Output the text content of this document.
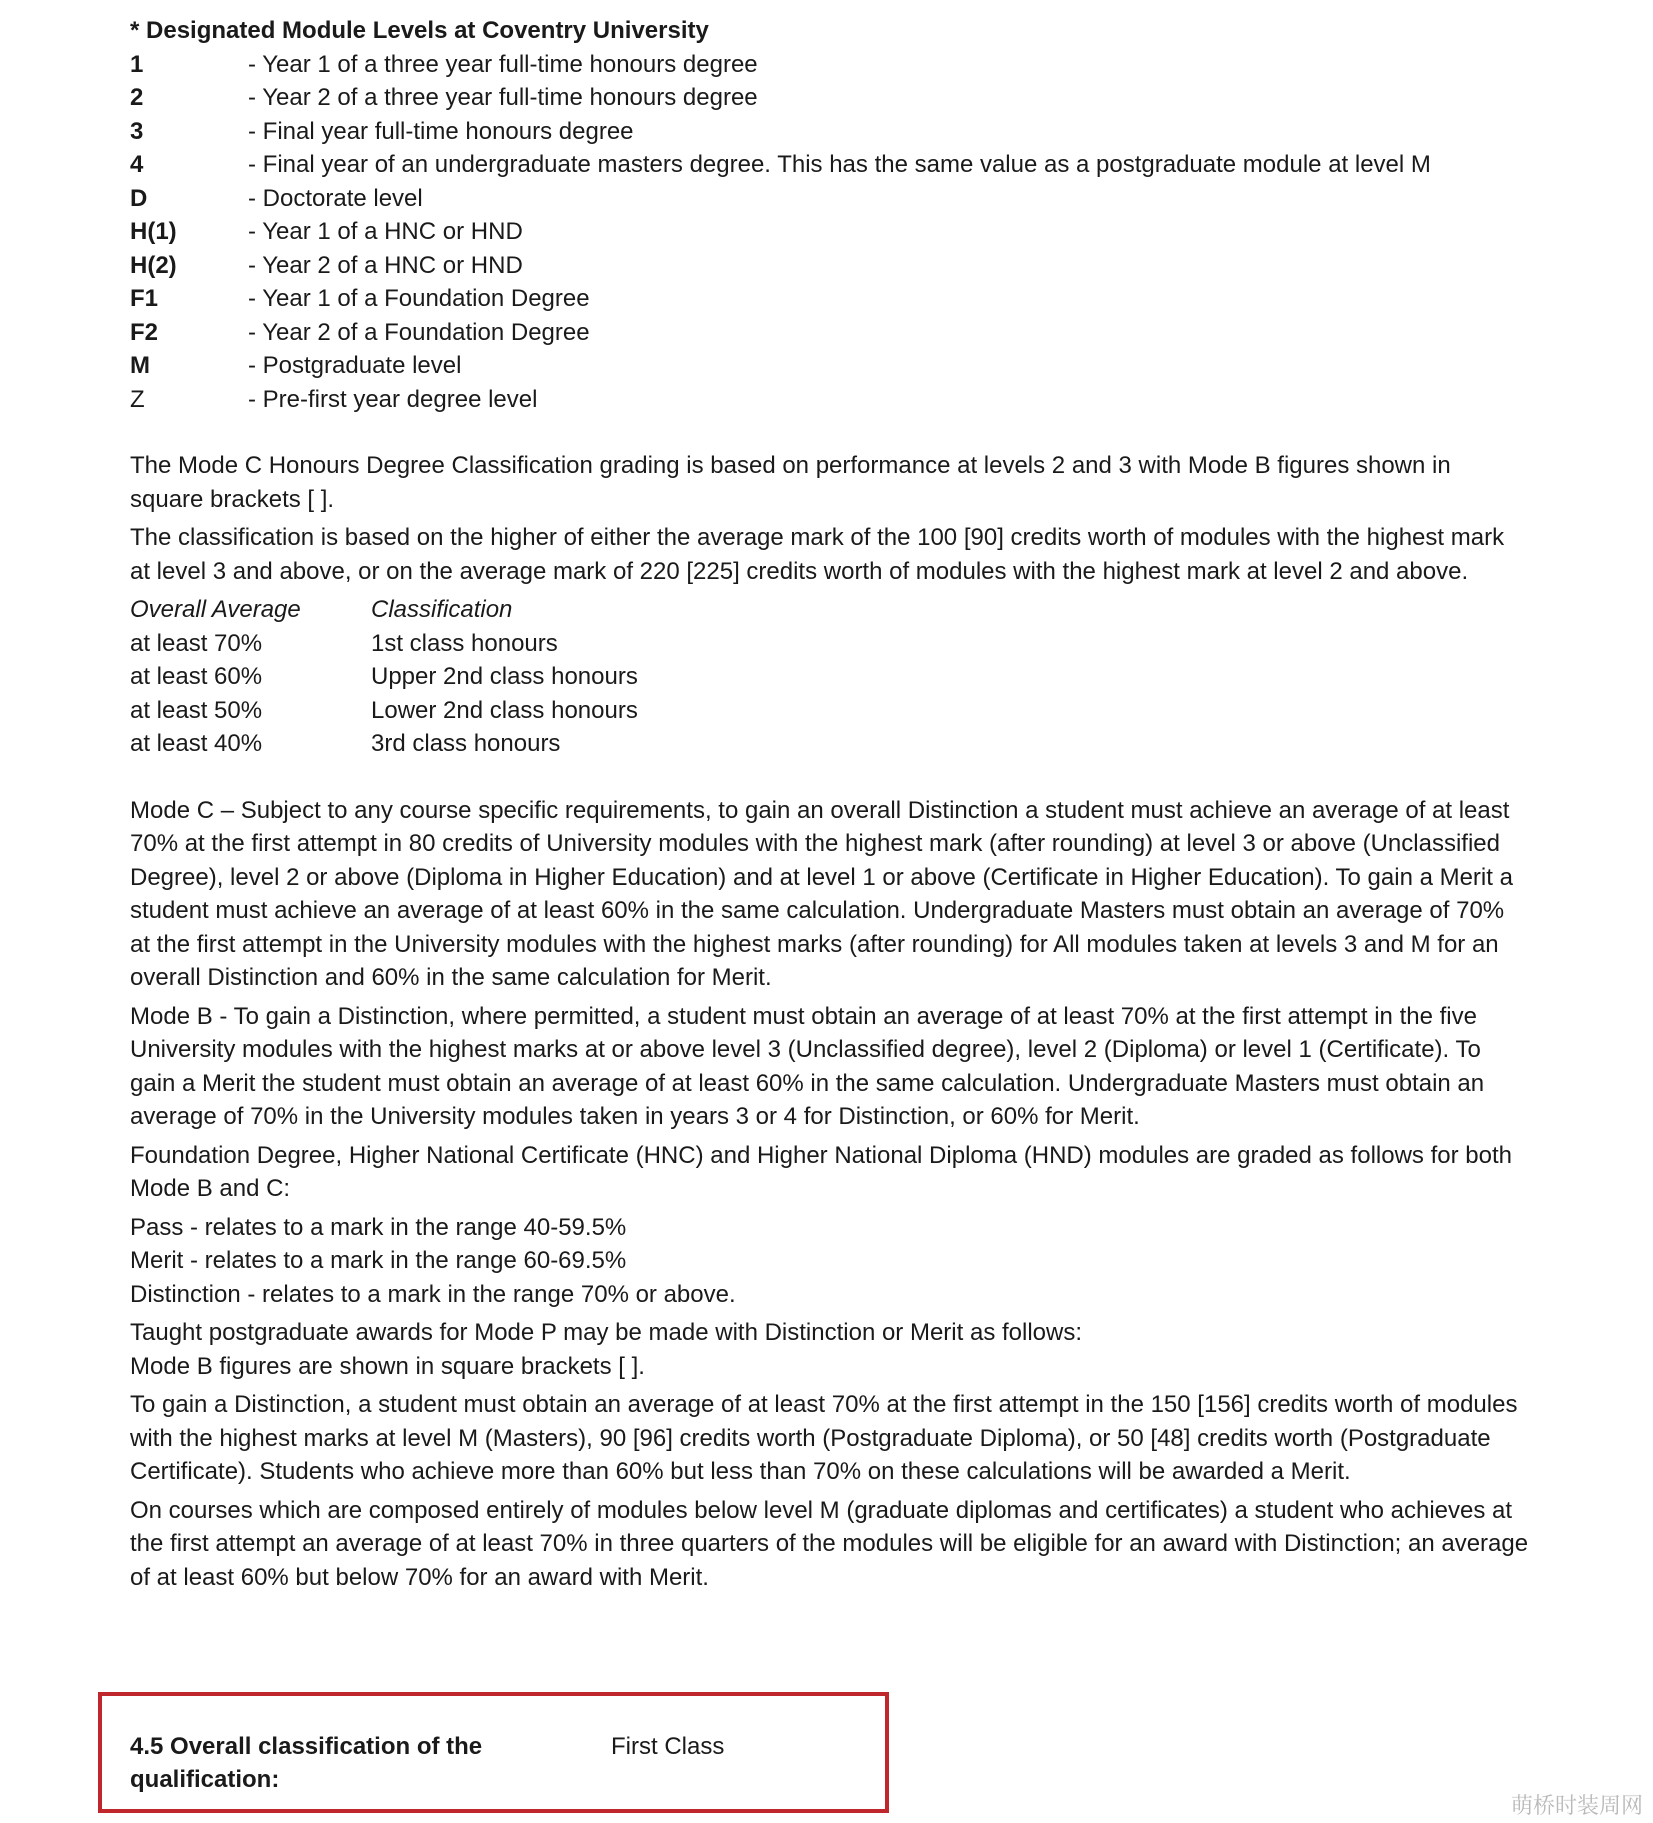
* Designated Module Levels at Coventry University
1	- Year 1 of a three year full-time honours degree
2	- Year 2 of a three year full-time honours degree
3	- Final year full-time honours degree
4	- Final year of an undergraduate masters degree. This has the same value as a postgraduate module at level M
D	- Doctorate level
H(1)	- Year 1 of a HNC or HND
H(2)	- Year 2 of a HNC or HND
F1	- Year 1 of a Foundation Degree
F2	- Year 2 of a Foundation Degree
M	- Postgraduate level
Z	- Pre-first year degree level

The Mode C Honours Degree Classification grading is based on performance at levels 2 and 3 with Mode B figures shown in square brackets [ ].

The classification is based on the higher of either the average mark of the 100 [90] credits worth of modules with the highest mark at level 3 and above, or on the average mark of 220 [225] credits worth of modules with the highest mark at level 2 and above.

Overall Average	Classification
at least 70%	1st class honours
at least 60%	Upper 2nd class honours
at least 50%	Lower 2nd class honours
at least 40%	3rd class honours

Mode C – Subject to any course specific requirements, to gain an overall Distinction a student must achieve an average of at least 70% at the first attempt in 80 credits of University modules with the highest mark (after rounding) at level 3 or above (Unclassified Degree), level 2 or above (Diploma in Higher Education) and at level 1 or above (Certificate in Higher Education). To gain a Merit a student must achieve an average of at least 60% in the same calculation. Undergraduate Masters must obtain an average of 70% at the first attempt in the University modules with the highest marks (after rounding) for All modules taken at levels 3 and M for an overall Distinction and 60% in the same calculation for Merit.

Mode B - To gain a Distinction, where permitted, a student must obtain an average of at least 70% at the first attempt in the five University modules with the highest marks at or above level 3 (Unclassified degree), level 2 (Diploma) or level 1 (Certificate). To gain a Merit the student must obtain an average of at least 60% in the same calculation. Undergraduate Masters must obtain an average of 70% in the University modules taken in years 3 or 4 for Distinction, or 60% for Merit.

Foundation Degree, Higher National Certificate (HNC) and Higher National Diploma (HND) modules are graded as follows for both Mode B and C:

Pass - relates to a mark in the range 40-59.5%

Merit - relates to a mark in the range 60-69.5%

Distinction - relates to a mark in the range 70% or above.

Taught postgraduate awards for Mode P may be made with Distinction or Merit as follows:

Mode B figures are shown in square brackets [ ].

To gain a Distinction, a student must obtain an average of at least 70% at the first attempt in the 150 [156] credits worth of modules with the highest marks at level M (Masters), 90 [96] credits worth (Postgraduate Diploma), or 50 [48] credits worth (Postgraduate Certificate). Students who achieve more than 60% but less than 70% on these calculations will be awarded a Merit.

On courses which are composed entirely of modules below level M (graduate diplomas and certificates) a student who achieves at the first attempt an average of at least 70% in three quarters of the modules will be eligible for an award with Distinction; an average of at least 60% but below 70% for an award with Merit.

4.5 Overall classification of the qualification:
First Class
萌桥时装周网
